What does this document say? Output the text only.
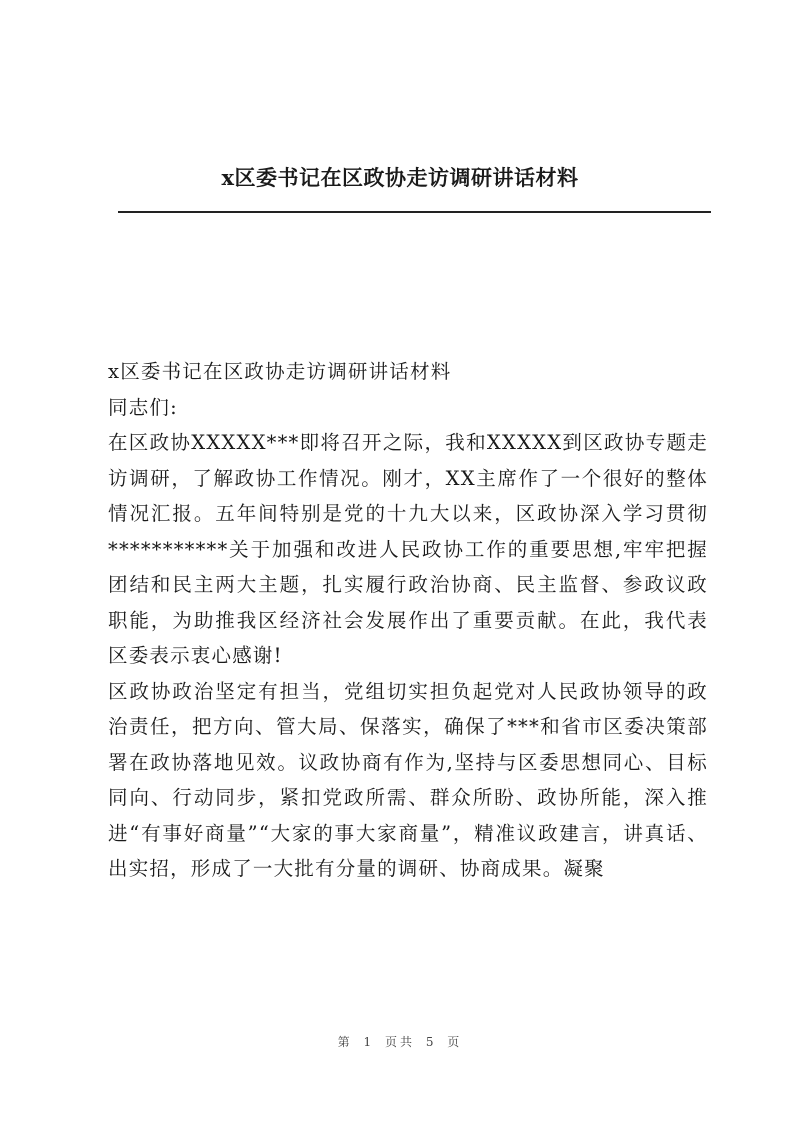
x区委书记在区政协走访调研讲话材料

x区委书记在区政协走访调研讲话材料

同志们:

在区政协XXXXX***即将召开之际，我和XXXXX到区政协专题走访调研，了解政协工作情况。刚才，XX主席作了一个很好的整体情况汇报。五年间特别是党的十九大以来，区政协深入学习贯彻***********关于加强和改进人民政协工作的重要思想,牢牢把握团结和民主两大主题，扎实履行政治协商、民主监督、参政议政职能，为助推我区经济社会发展作出了重要贡献。在此，我代表区委表示衷心感谢!

区政协政治坚定有担当，党组切实担负起党对人民政协领导的政治责任，把方向、管大局、保落实，确保了***和省市区委决策部署在政协落地见效。议政协商有作为,坚持与区委思想同心、目标同向、行动同步，紧扣党政所需、群众所盼、政协所能，深入推进“有事好商量”“大家的事大家商量”，精准议政建言，讲真话、出实招，形成了一大批有分量的调研、协商成果。凝聚

第 1 页共 5 页
